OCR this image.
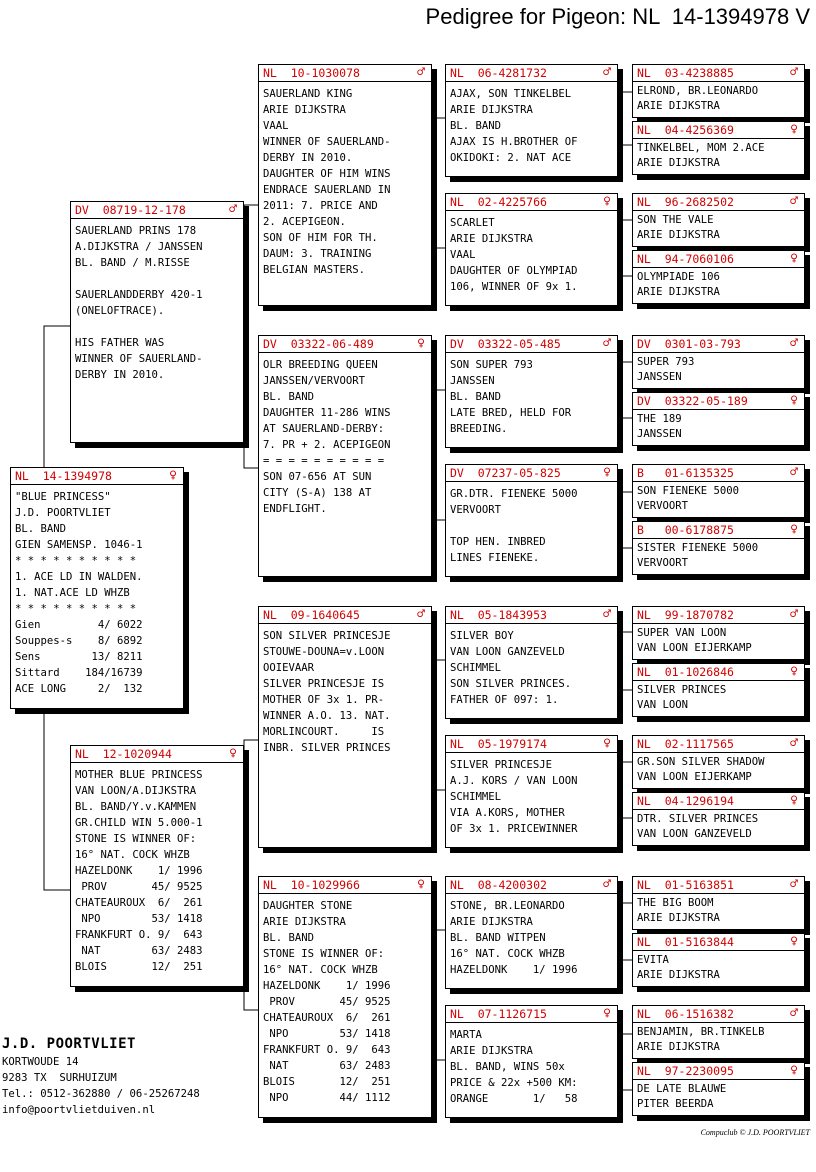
Pedigree for Pigeon: NL  14-1394978 V
NL  14-1394978	♀
"BLUE PRINCESS"
J.D. POORTVLIET
BL. BAND
GIEN SAMENSP. 1046-1
* * * * * * * * * *
1. ACE LD IN WALDEN.
1. NAT.ACE LD WHZB
* * * * * * * * * *
Gien         4/ 6022
Souppes-s    8/ 6892
Sens        13/ 8211
Sittard    184/16739
ACE LONG     2/  132
DV  08719-12-178	♂
SAUERLAND PRINS 178
A.DIJKSTRA / JANSSEN
BL. BAND / M.RISSE
SAUERLANDDERBY 420-1
(ONELOFTRACE).
HIS FATHER WAS
WINNER OF SAUERLAND-
DERBY IN 2010.
NL  12-1020944	♀
MOTHER BLUE PRINCESS
VAN LOON/A.DIJKSTRA
BL. BAND/Y.v.KAMMEN
GR.CHILD WIN 5.000-1
STONE IS WINNER OF:
16° NAT. COCK WHZB
HAZELDONK    1/ 1996
PROV       45/ 9525
CHATEAUROUX  6/  261
NPO        53/ 1418
FRANKFURT O. 9/  643
NAT        63/ 2483
BLOIS       12/  251
NL  10-1030078	♂
SAUERLAND KING
ARIE DIJKSTRA
VAAL
WINNER OF SAUERLAND-
DERBY IN 2010.
DAUGHTER OF HIM WINS
ENDRACE SAUERLAND IN
2011: 7. PRICE AND
2. ACEPIGEON.
SON OF HIM FOR TH.
DAUM: 3. TRAINING
BELGIAN MASTERS.
DV  03322-06-489	♀
OLR BREEDING QUEEN
JANSSEN/VERVOORT
BL. BAND
DAUGHTER 11-286 WINS
AT SAUERLAND-DERBY:
7. PR + 2. ACEPIGEON
= = = = = = = = = =
SON 07-656 AT SUN
CITY (S-A) 138 AT
ENDFLIGHT.
NL  09-1640645	♂
SON SILVER PRINCESJE
STOUWE-DOUNA=v.LOON
OOIEVAAR
SILVER PRINCESJE IS
MOTHER OF 3x 1. PR-
WINNER A.O. 13. NAT.
MORLINCOURT.     IS
INBR. SILVER PRINCES
NL  10-1029966	♀
DAUGHTER STONE
ARIE DIJKSTRA
BL. BAND
STONE IS WINNER OF:
16° NAT. COCK WHZB
HAZELDONK    1/ 1996
PROV       45/ 9525
CHATEAUROUX  6/  261
NPO        53/ 1418
FRANKFURT O. 9/  643
NAT        63/ 2483
BLOIS       12/  251
NPO        44/ 1112
NL  06-4281732	♂
AJAX, SON TINKELBEL
ARIE DIJKSTRA
BL. BAND
AJAX IS H.BROTHER OF
OKIDOKI: 2. NAT ACE
NL  02-4225766	♀
SCARLET
ARIE DIJKSTRA
VAAL
DAUGHTER OF OLYMPIAD
106, WINNER OF 9x 1.
DV  03322-05-485	♂
SON SUPER 793
JANSSEN
BL. BAND
LATE BRED, HELD FOR
BREEDING.
DV  07237-05-825	♀
GR.DTR. FIENEKE 5000
VERVOORT
TOP HEN. INBRED
LINES FIENEKE.
NL  05-1843953	♂
SILVER BOY
VAN LOON GANZEVELD
SCHIMMEL
SON SILVER PRINCES.
FATHER OF 097: 1.
NL  05-1979174	♀
SILVER PRINCESJE
A.J. KORS / VAN LOON
SCHIMMEL
VIA A.KORS, MOTHER
OF 3x 1. PRICEWINNER
NL  08-4200302	♂
STONE, BR.LEONARDO
ARIE DIJKSTRA
BL. BAND WITPEN
16° NAT. COCK WHZB
HAZELDONK    1/ 1996
NL  07-1126715	♀
MARTA
ARIE DIJKSTRA
BL. BAND, WINS 50x
PRICE & 22x +500 KM:
ORANGE       1/   58
NL  03-4238885	♂
ELROND, BR.LEONARDO
ARIE DIJKSTRA
NL  04-4256369	♀
TINKELBEL, MOM 2.ACE
ARIE DIJKSTRA
NL  96-2682502	♂
SON THE VALE
ARIE DIJKSTRA
NL  94-7060106	♀
OLYMPIADE 106
ARIE DIJKSTRA
DV  0301-03-793	♂
SUPER 793
JANSSEN
DV  03322-05-189	♀
THE 189
JANSSEN
B   01-6135325	♂
SON FIENEKE 5000
VERVOORT
B   00-6178875	♀
SISTER FIENEKE 5000
VERVOORT
NL  99-1870782	♂
SUPER VAN LOON
VAN LOON EIJERKAMP
NL  01-1026846	♀
SILVER PRINCES
VAN LOON
NL  02-1117565	♂
GR.SON SILVER SHADOW
VAN LOON EIJERKAMP
NL  04-1296194	♀
DTR. SILVER PRINCES
VAN LOON GANZEVELD
NL  01-5163851	♂
THE BIG BOOM
ARIE DIJKSTRA
NL  01-5163844	♀
EVITA
ARIE DIJKSTRA
NL  06-1516382	♂
BENJAMIN, BR.TINKELB
ARIE DIJKSTRA
NL  97-2230095	♀
DE LATE BLAUWE
PITER BEERDA
J.D. POORTVLIET
KORTWOUDE 14
9283 TX  SURHUIZUM
Tel.: 0512-362880 / 06-25267248
info@poortvlietduiven.nl
Compuclub © J.D. POORTVLIET
